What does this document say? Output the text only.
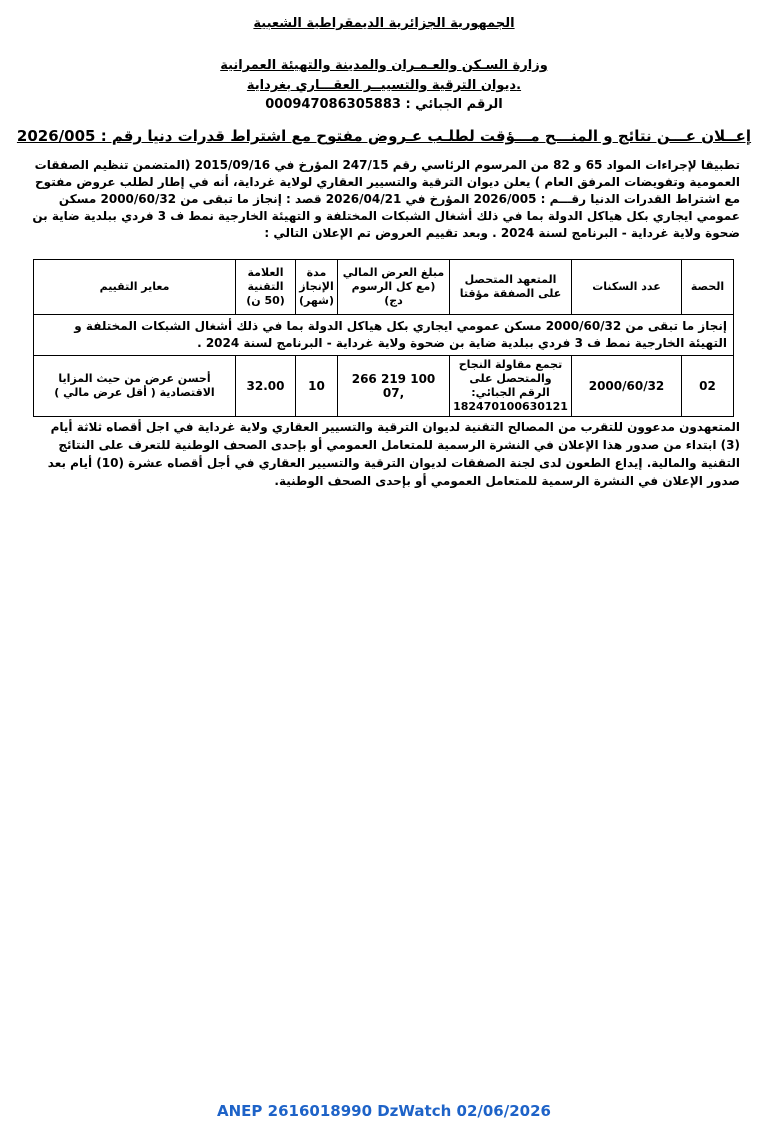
الجمهورية الجزائرية الديمقراطية الشعبية
وزارة السـكن والعـمـران والمدينة والتهيئة العمرانية
ديوان الترقية والتسييــر العقـــاري بغرداية.
الرقم الجبائي : 000947086305883
إعــلان عـــن نتائج و المنـــح مـــؤقت لطلـب عـروض مفتوح مع اشتراط قدرات دنيا رقم : 2026/005
تطبيقا لإجراءات المواد 65 و 82 من المرسوم الرئاسي رقم 247/15 المؤرخ في 2015/09/16 (المتضمن تنظيم الصفقات العمومية وتفويضات المرفق العام ) يعلن ديوان الترقية والتسيير العقاري لولاية غرداية، أنه في إطار لطلب عروض مفتوح مع اشتراط القدرات الدنيا رقـــم : 2026/005 المؤرخ في 2026/04/21 قصد : إنجاز ما تبقى من 2000/60/32 مسكن عمومي ايجاري بكل هياكل الدولة بما في ذلك أشغال الشبكات المختلفة و التهيئة الخارجية نمط ف 3 فردي ببلدية ضاية بن ضحوة ولاية غرداية - البرنامج لسنة 2024 . وبعد تقييم العروض تم الإعلان التالي :
الحصة	عدد السكنات	المتعهد المتحصل على الصفقة مؤقتا	مبلغ العرض المالي (مع كل الرسوم دج)	مدة الإنجاز (شهر)	العلامة التقنية (50 ن)	معاير التقييم
إنجاز ما تبقى من 2000/60/32 مسكن عمومي ايجاري بكل هياكل الدولة بما في ذلك أشغال الشبكات المختلفة و التهيئة الخارجية نمط ف 3 فردي ببلدية ضاية بن ضحوة ولاية غرداية - البرنامج لسنة 2024 .						
02	2000/60/32	تجمع مقاولة النجاح والمتحصل على الرقم الجبائي: 182470100630121	100 219 266 ,07	10	32.00	أحسن عرض من حيث المزايا الاقتصادية ( أقل عرض مالي )
المتعهدون مدعوون للتقرب من المصالح التقنية لديوان الترقية والتسيير العقاري ولاية غرداية في اجل أقصاه ثلاثة أيام (3) ابتداء من صدور هذا الإعلان في النشرة الرسمية للمتعامل العمومي أو بإحدى الصحف الوطنية للتعرف على النتائج التقنية والمالية. إيداع الطعون لدى لجنة الصفقات لديوان الترقية والتسيير العقاري في أجل أقصاه عشرة (10) أيام بعد صدور الإعلان في النشرة الرسمية للمتعامل العمومي أو بإحدى الصحف الوطنية.
ANEP 2616018990 DzWatch 02/06/2026
